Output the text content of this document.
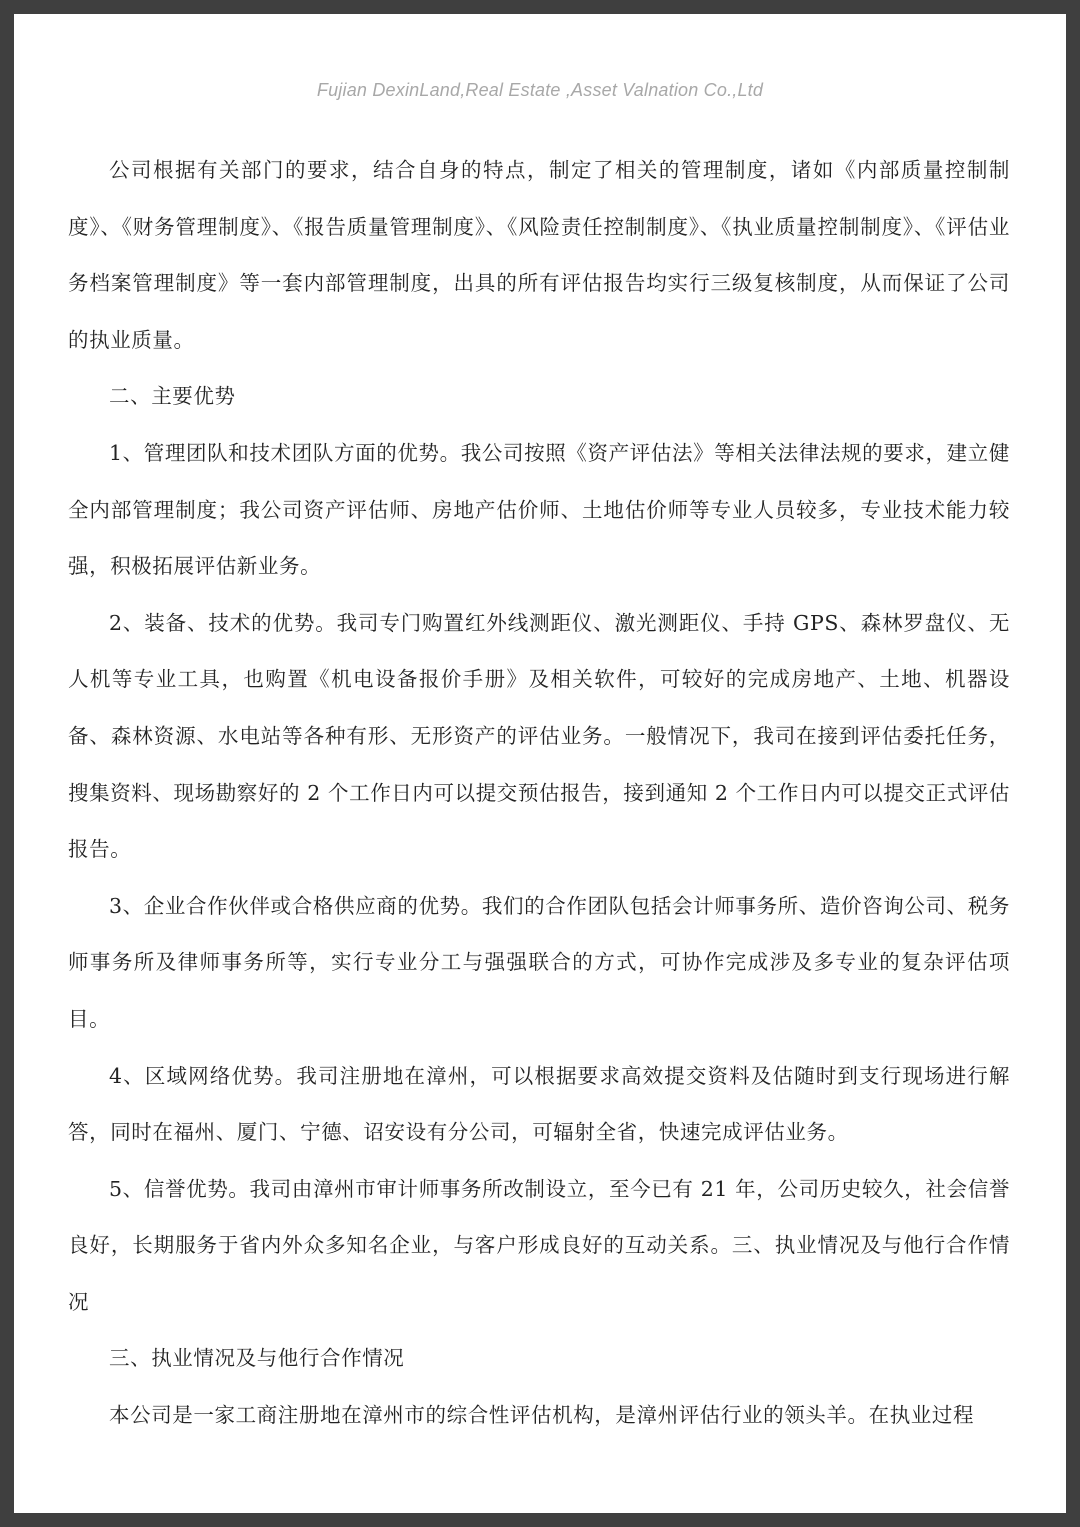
Fujian DexinLand,Real Estate ,Asset Valnation Co.,Ltd

公司根据有关部门的要求，结合自身的特点，制定了相关的管理制度，诸如《内部质量控制制度》、《财务管理制度》、《报告质量管理制度》、《风险责任控制制度》、《执业质量控制制度》、《评估业务档案管理制度》等一套内部管理制度，出具的所有评估报告均实行三级复核制度，从而保证了公司的执业质量。

二、主要优势

1、管理团队和技术团队方面的优势。我公司按照《资产评估法》等相关法律法规的要求，建立健全内部管理制度；我公司资产评估师、房地产估价师、土地估价师等专业人员较多，专业技术能力较强，积极拓展评估新业务。

2、装备、技术的优势。我司专门购置红外线测距仪、激光测距仪、手持 GPS、森林罗盘仪、无人机等专业工具，也购置《机电设备报价手册》及相关软件，可较好的完成房地产、土地、机器设备、森林资源、水电站等各种有形、无形资产的评估业务。一般情况下，我司在接到评估委托任务，搜集资料、现场勘察好的 2 个工作日内可以提交预估报告，接到通知 2 个工作日内可以提交正式评估报告。

3、企业合作伙伴或合格供应商的优势。我们的合作团队包括会计师事务所、造价咨询公司、税务师事务所及律师事务所等，实行专业分工与强强联合的方式，可协作完成涉及多专业的复杂评估项目。

4、区域网络优势。我司注册地在漳州，可以根据要求高效提交资料及估随时到支行现场进行解答，同时在福州、厦门、宁德、诏安设有分公司，可辐射全省，快速完成评估业务。

5、信誉优势。我司由漳州市审计师事务所改制设立，至今已有 21 年，公司历史较久，社会信誉良好，长期服务于省内外众多知名企业，与客户形成良好的互动关系。三、执业情况及与他行合作情况

三、执业情况及与他行合作情况

本公司是一家工商注册地在漳州市的综合性评估机构，是漳州评估行业的领头羊。在执业过程
